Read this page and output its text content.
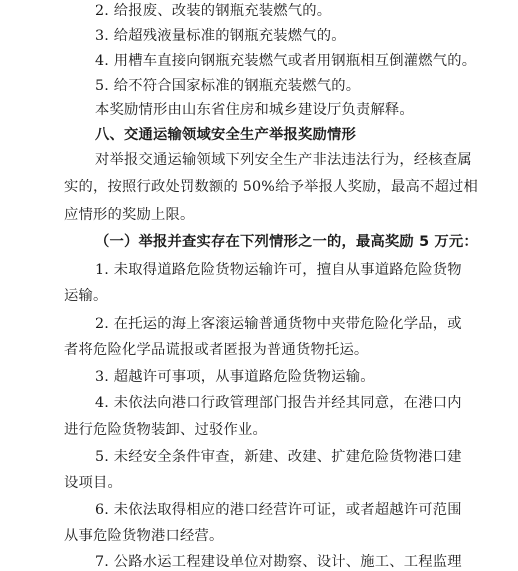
2. 给报废、改装的钢瓶充装燃气的。
3. 给超残液量标准的钢瓶充装燃气的。
4. 用槽车直接向钢瓶充装燃气或者用钢瓶相互倒灌燃气的。
5. 给不符合国家标准的钢瓶充装燃气的。
本奖励情形由山东省住房和城乡建设厅负责解释。
八、交通运输领域安全生产举报奖励情形
对举报交通运输领域下列安全生产非法违法行为，经核查属
实的，按照行政处罚数额的 50%给予举报人奖励，最高不超过相
应情形的奖励上限。
（一）举报并查实存在下列情形之一的，最高奖励 5 万元：
1. 未取得道路危险货物运输许可，擅自从事道路危险货物
运输。
2. 在托运的海上客滚运输普通货物中夹带危险化学品，或
者将危险化学品谎报或者匿报为普通货物托运。
3. 超越许可事项，从事道路危险货物运输。
4. 未依法向港口行政管理部门报告并经其同意，在港口内
进行危险货物装卸、过驳作业。
5. 未经安全条件审查，新建、改建、扩建危险货物港口建
设项目。
6. 未依法取得相应的港口经营许可证，或者超越许可范围
从事危险货物港口经营。
7. 公路水运工程建设单位对勘察、设计、施工、工程监理
